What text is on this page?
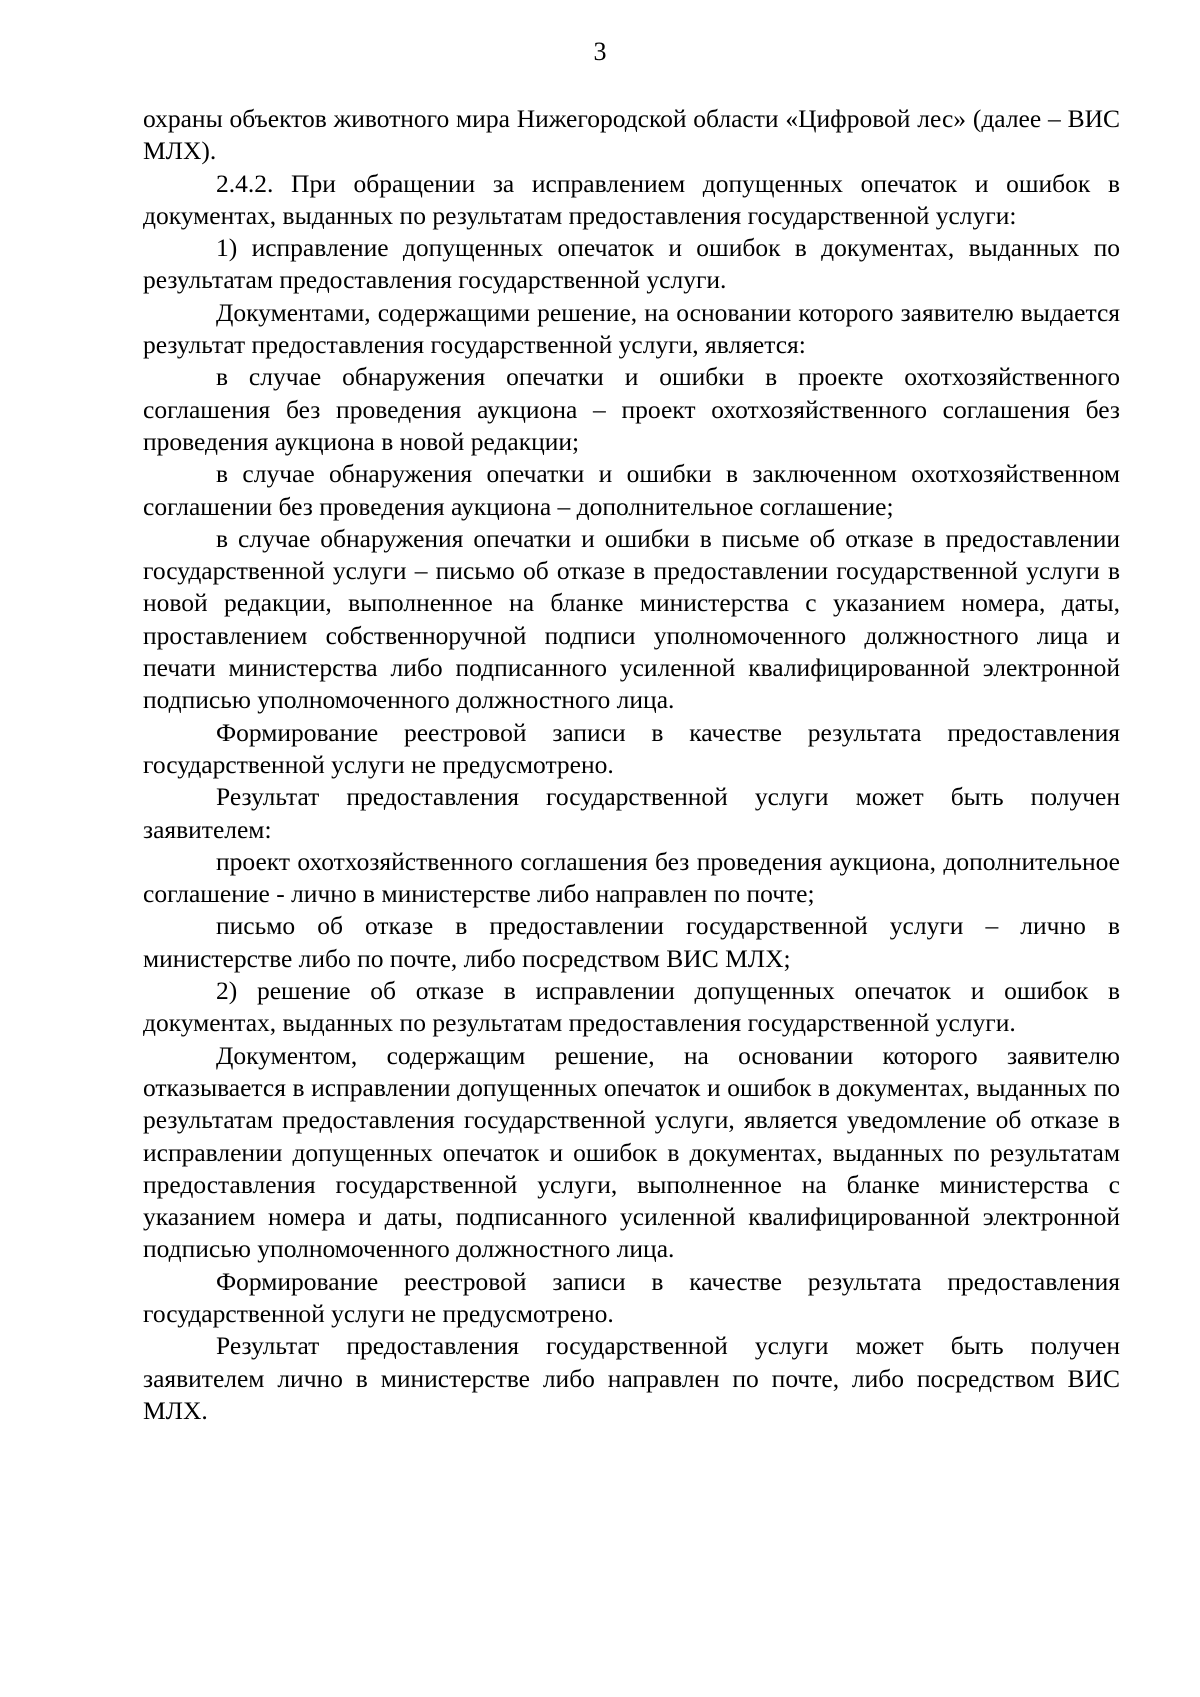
3

охраны объектов животного мира Нижегородской области «Цифровой лес» (далее – ВИС МЛХ).

2.4.2. При обращении за исправлением допущенных опечаток и ошибок в документах, выданных по результатам предоставления государственной услуги:

1) исправление допущенных опечаток и ошибок в документах, выданных по результатам предоставления государственной услуги.

Документами, содержащими решение, на основании которого заявителю выдается результат предоставления государственной услуги, является:

в случае обнаружения опечатки и ошибки в проекте охотхозяйственного соглашения без проведения аукциона – проект охотхозяйственного соглашения без проведения аукциона в новой редакции;

в случае обнаружения опечатки и ошибки в заключенном охотхозяйственном соглашении без проведения аукциона – дополнительное соглашение;

в случае обнаружения опечатки и ошибки в письме об отказе в предоставлении государственной услуги – письмо об отказе в предоставлении государственной услуги в новой редакции, выполненное на бланке министерства с указанием номера, даты, проставлением собственноручной подписи уполномоченного должностного лица и печати министерства либо подписанного усиленной квалифицированной электронной подписью уполномоченного должностного лица.

Формирование реестровой записи в качестве результата предоставления государственной услуги не предусмотрено.

Результат предоставления государственной услуги может быть получен заявителем:

проект охотхозяйственного соглашения без проведения аукциона, дополнительное соглашение - лично в министерстве либо направлен по почте;

письмо об отказе в предоставлении государственной услуги – лично в министерстве либо по почте, либо посредством ВИС МЛХ;

2) решение об отказе в исправлении допущенных опечаток и ошибок в документах, выданных по результатам предоставления государственной услуги.

Документом, содержащим решение, на основании которого заявителю отказывается в исправлении допущенных опечаток и ошибок в документах, выданных по результатам предоставления государственной услуги, является уведомление об отказе в исправлении допущенных опечаток и ошибок в документах, выданных по результатам предоставления государственной услуги, выполненное на бланке министерства с указанием номера и даты, подписанного усиленной квалифицированной электронной подписью уполномоченного должностного лица.

Формирование реестровой записи в качестве результата предоставления государственной услуги не предусмотрено.

Результат предоставления государственной услуги может быть получен заявителем лично в министерстве либо направлен по почте, либо посредством ВИС МЛХ.
